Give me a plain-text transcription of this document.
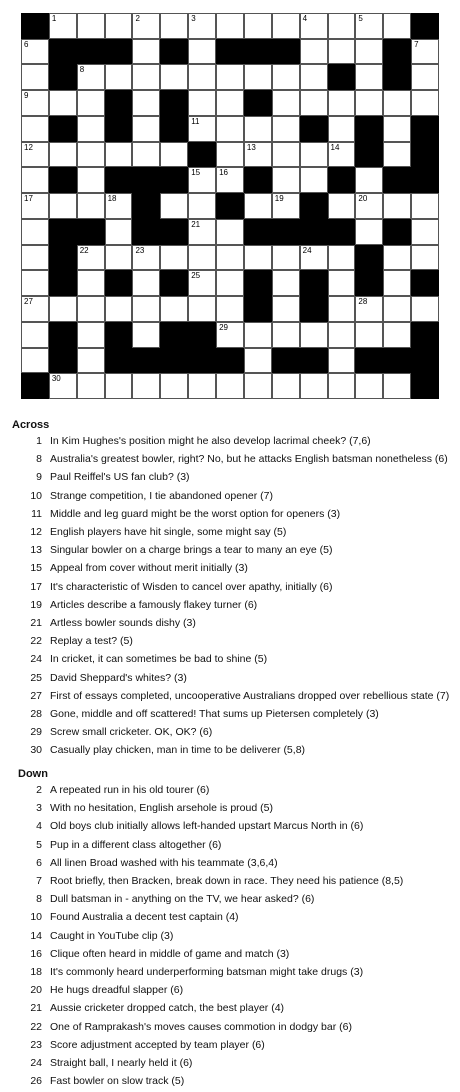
1	2	3	4	5
6	7
8
9	10
11
12	13	14
15 16
17	18	19	20
21
22	23	24
25	26
27	28
29
30
Across
1 In Kim Hughes's position might he also develop lacrimal cheek? (7,6)
8 Australia's greatest bowler, right? No, but he attacks English batsman nonetheless (6)
9 Paul Reiffel's US fan club? (3)
10 Strange competition, I tie abandoned opener (7)
11 Middle and leg guard might be the worst option for openers (3)
12 English players have hit single, some might say (5)
13 Singular bowler on a charge brings a tear to many an eye (5)
15 Appeal from cover without merit initially (3)
17 It's characteristic of Wisden to cancel over apathy, initially (6)
19 Articles describe a famously flakey turner (6)
21 Artless bowler sounds dishy (3)
22 Replay a test? (5)
24 In cricket, it can sometimes be bad to shine (5)
25 David Sheppard's whites? (3)
27 First of essays completed, uncooperative Australians dropped over rebellious state (7)
28 Gone, middle and off scattered! That sums up Pietersen completely (3)
29 Screw small cricketer. OK, OK? (6)
30 Casually play chicken, man in time to be deliverer (5,8)
Down
2 A repeated run in his old tourer (6)
3 With no hesitation, English arsehole is proud (5)
4 Old boys club initially allows left-handed upstart Marcus North in (6)
5 Pup in a different class altogether (6)
6 All linen Broad washed with his teammate (3,6,4)
7 Root briefly, then Bracken, break down in race. They need his patience (8,5)
8 Dull batsman in - anything on the TV, we hear asked? (6)
10 Found Australia a decent test captain (4)
14 Caught in YouTube clip (3)
16 Clique often heard in middle of game and match (3)
18 It's commonly heard underperforming batsman might take drugs (3)
20 He hugs dreadful slapper (6)
21 Aussie cricketer dropped catch, the best player (4)
22 One of Ramprakash's moves causes commotion in dodgy bar (6)
23 Score adjustment accepted by team player (6)
24 Straight ball, I nearly held it (6)
26 Fast bowler on slow track (5)
